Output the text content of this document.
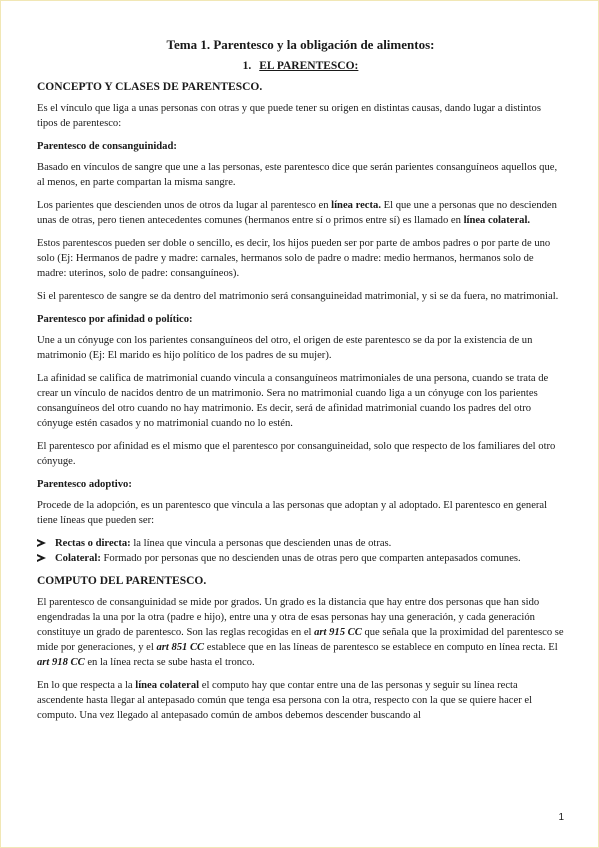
Tema 1. Parentesco y la obligación de alimentos:
1. EL PARENTESCO:
CONCEPTO Y CLASES DE PARENTESCO.

Es el vínculo que liga a unas personas con otras y que puede tener su origen en distintas causas, dando lugar a distintos tipos de parentesco:

Parentesco de consanguinidad:

Basado en vínculos de sangre que une a las personas, este parentesco dice que serán parientes consanguíneos aquellos que, al menos, en parte compartan la misma sangre.

Los parientes que descienden unos de otros da lugar al parentesco en línea recta. El que une a personas que no descienden unas de otras, pero tienen antecedentes comunes (hermanos entre sí o primos entre sí) es llamado en línea colateral.

Estos parentescos pueden ser doble o sencillo, es decir, los hijos pueden ser por parte de ambos padres o por parte de uno solo (Ej: Hermanos de padre y madre: carnales, hermanos solo de padre o madre: medio hermanos, hermanos solo de madre: uterinos, solo de padre: consanguíneos).

Si el parentesco de sangre se da dentro del matrimonio será consanguineidad matrimonial, y si se da fuera, no matrimonial.

Parentesco por afinidad o político:

Une a un cónyuge con los parientes consanguíneos del otro, el origen de este parentesco se da por la existencia de un matrimonio (Ej: El marido es hijo político de los padres de su mujer).

La afinidad se califica de matrimonial cuando vincula a consanguíneos matrimoniales de una persona, cuando se trata de crear un vínculo de nacidos dentro de un matrimonio. Sera no matrimonial cuando liga a un cónyuge con los parientes consanguíneos del otro cuando no hay matrimonio. Es decir, será de afinidad matrimonial cuando los padres del otro cónyuge estén casados y no matrimonial cuando no lo estén.

El parentesco por afinidad es el mismo que el parentesco por consanguineidad, solo que respecto de los familiares del otro cónyuge.

Parentesco adoptivo:

Procede de la adopción, es un parentesco que vincula a las personas que adoptan y al adoptado. El parentesco en general tiene líneas que pueden ser:

Rectas o directa: la línea que vincula a personas que descienden unas de otras.
Colateral: Formado por personas que no descienden unas de otras pero que comparten antepasados comunes.
COMPUTO DEL PARENTESCO.

El parentesco de consanguinidad se mide por grados. Un grado es la distancia que hay entre dos personas que han sido engendradas la una por la otra (padre e hijo), entre una y otra de esas personas hay una generación, y cada generación constituye un grado de parentesco. Son las reglas recogidas en el art 915 CC que señala que la proximidad del parentesco se mide por generaciones, y el art 851 CC establece que en las líneas de parentesco se establece en computo en línea recta. El art 918 CC en la línea recta se sube hasta el tronco.

En lo que respecta a la línea colateral el computo hay que contar entre una de las personas y seguir su línea recta ascendente hasta llegar al antepasado común que tenga esa persona con la otra, respecto con la que se quiere hacer el computo. Una vez llegado al antepasado común de ambos debemos descender buscando al

1
